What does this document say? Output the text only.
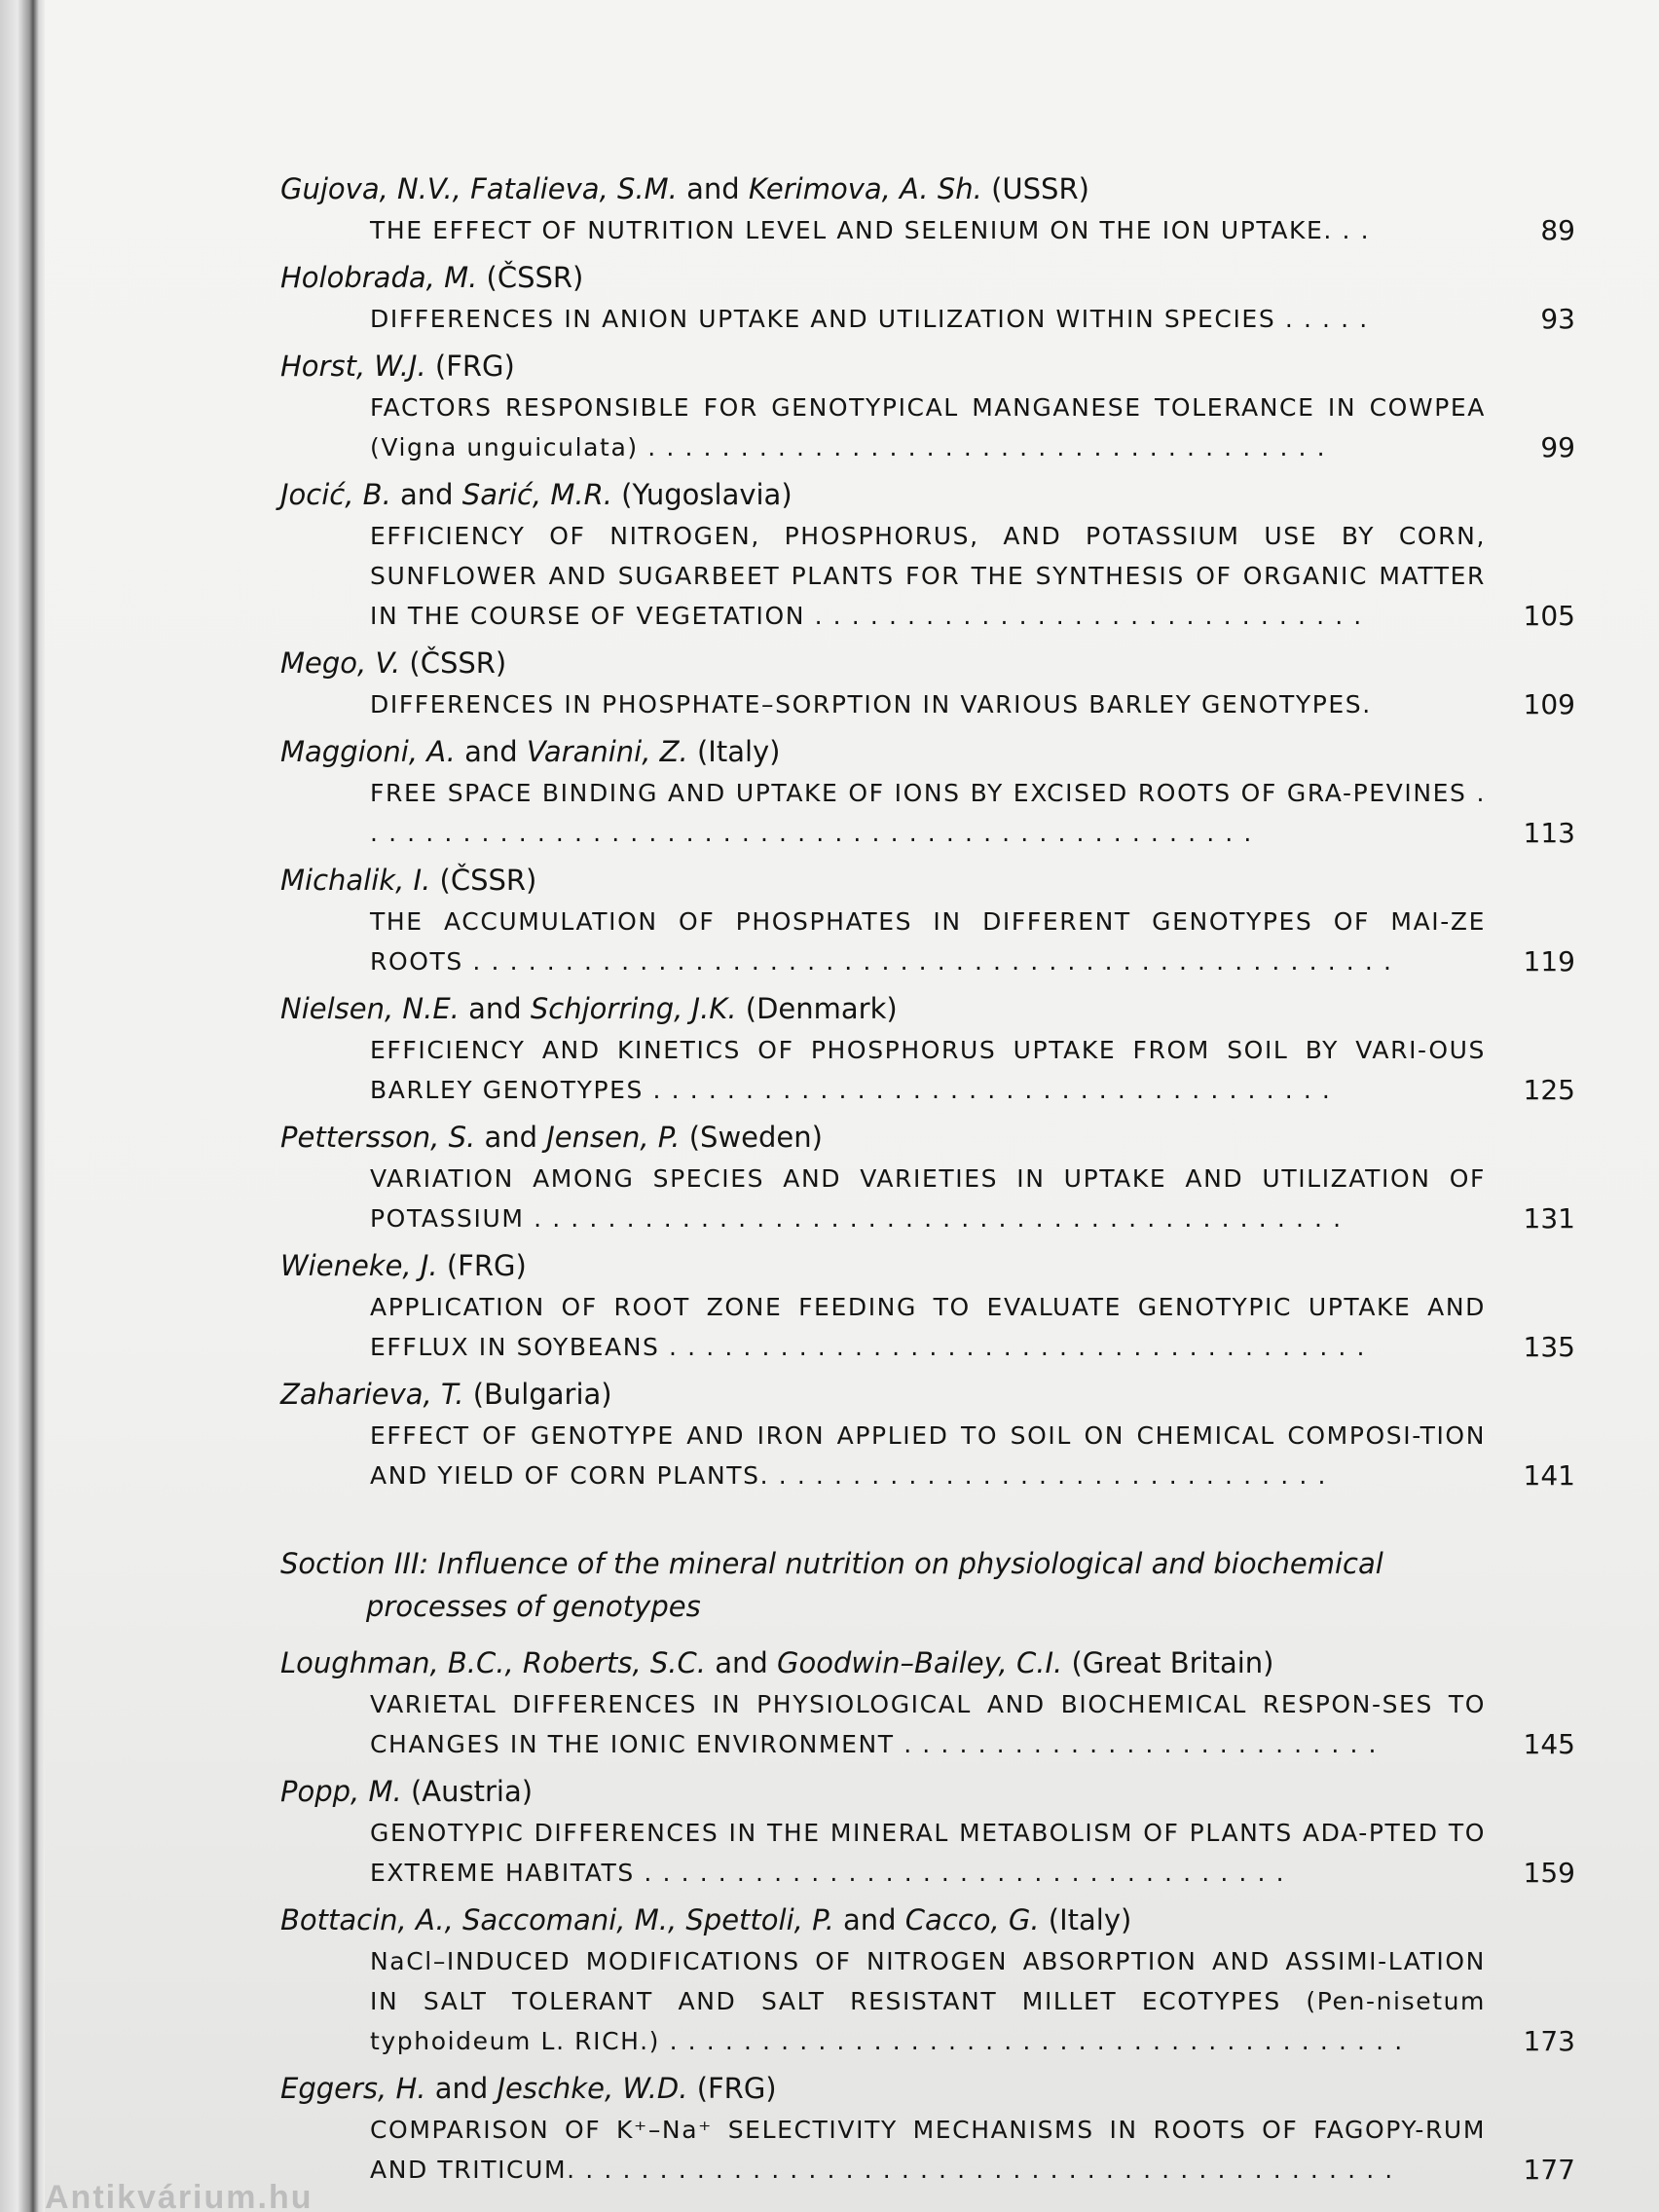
Antikvárium.hu

Gujova, N.V., Fatalieva, S.M. and Kerimova, A. Sh. (USSR)

THE EFFECT OF NUTRITION LEVEL AND SELENIUM ON THE ION UPTAKE. . .	89

Holobrada, M. (ČSSR)

DIFFERENCES IN ANION UPTAKE AND UTILIZATION WITHIN SPECIES . . . . .	93

Horst, W.J. (FRG)

FACTORS RESPONSIBLE FOR GENOTYPICAL MANGANESE TOLERANCE IN COWPEA (Vigna unguiculata) . . . . . . . . . . . . . . . . . . . . . . . . . . . . . . . . . . . . .	99

Jocić, B. and Sarić, M.R. (Yugoslavia)

EFFICIENCY OF NITROGEN, PHOSPHORUS, AND POTASSIUM USE BY CORN, SUNFLOWER AND SUGARBEET PLANTS FOR THE SYNTHESIS OF ORGANIC MATTER IN THE COURSE OF VEGETATION . . . . . . . . . . . . . . . . . . . . . . . . . . . . . .	105

Mego, V. (ČSSR)

DIFFERENCES IN PHOSPHATE–SORPTION IN VARIOUS BARLEY GENOTYPES.	109

Maggioni, A. and Varanini, Z. (Italy)

FREE SPACE BINDING AND UPTAKE OF IONS BY EXCISED ROOTS OF GRA-PEVINES . . . . . . . . . . . . . . . . . . . . . . . . . . . . . . . . . . . . . . . . . . . . . . . . .	113

Michalik, I. (ČSSR)

THE ACCUMULATION OF PHOSPHATES IN DIFFERENT GENOTYPES OF MAI-ZE ROOTS . . . . . . . . . . . . . . . . . . . . . . . . . . . . . . . . . . . . . . . . . . . . . . . . . .	119

Nielsen, N.E. and Schjorring, J.K. (Denmark)

EFFICIENCY AND KINETICS OF PHOSPHORUS UPTAKE FROM SOIL BY VARI-OUS BARLEY GENOTYPES . . . . . . . . . . . . . . . . . . . . . . . . . . . . . . . . . . . . .	125

Pettersson, S. and Jensen, P. (Sweden)

VARIATION AMONG SPECIES AND VARIETIES IN UPTAKE AND UTILIZATION OF POTASSIUM . . . . . . . . . . . . . . . . . . . . . . . . . . . . . . . . . . . . . . . . . . . .	131

Wieneke, J. (FRG)

APPLICATION OF ROOT ZONE FEEDING TO EVALUATE GENOTYPIC UPTAKE AND EFFLUX IN SOYBEANS . . . . . . . . . . . . . . . . . . . . . . . . . . . . . . . . . . . . . .	135

Zaharieva, T. (Bulgaria)

EFFECT OF GENOTYPE AND IRON APPLIED TO SOIL ON CHEMICAL COMPOSI-TION AND YIELD OF CORN PLANTS. . . . . . . . . . . . . . . . . . . . . . . . . . . . . . .	141
Soction III: Influence of the mineral nutrition on physiological and biochemical
processes of genotypes

Loughman, B.C., Roberts, S.C. and Goodwin–Bailey, C.I. (Great Britain)

VARIETAL DIFFERENCES IN PHYSIOLOGICAL AND BIOCHEMICAL RESPON-SES TO CHANGES IN THE IONIC ENVIRONMENT . . . . . . . . . . . . . . . . . . . . . . . . . .	145

Popp, M. (Austria)

GENOTYPIC DIFFERENCES IN THE MINERAL METABOLISM OF PLANTS ADA-PTED TO EXTREME HABITATS . . . . . . . . . . . . . . . . . . . . . . . . . . . . . . . . . . .	159

Bottacin, A., Saccomani, M., Spettoli, P. and Cacco, G. (Italy)

NaCl–INDUCED MODIFICATIONS OF NITROGEN ABSORPTION AND ASSIMI-LATION IN SALT TOLERANT AND SALT RESISTANT MILLET ECOTYPES (Pen-nisetum typhoideum L. RICH.) . . . . . . . . . . . . . . . . . . . . . . . . . . . . . . . . . . . . . . . .	173

Eggers, H. and Jeschke, W.D. (FRG)

COMPARISON OF K⁺–Na⁺ SELECTIVITY MECHANISMS IN ROOTS OF FAGOPY-RUM AND TRITICUM. . . . . . . . . . . . . . . . . . . . . . . . . . . . . . . . . . . . . . . . . . . . .	177
